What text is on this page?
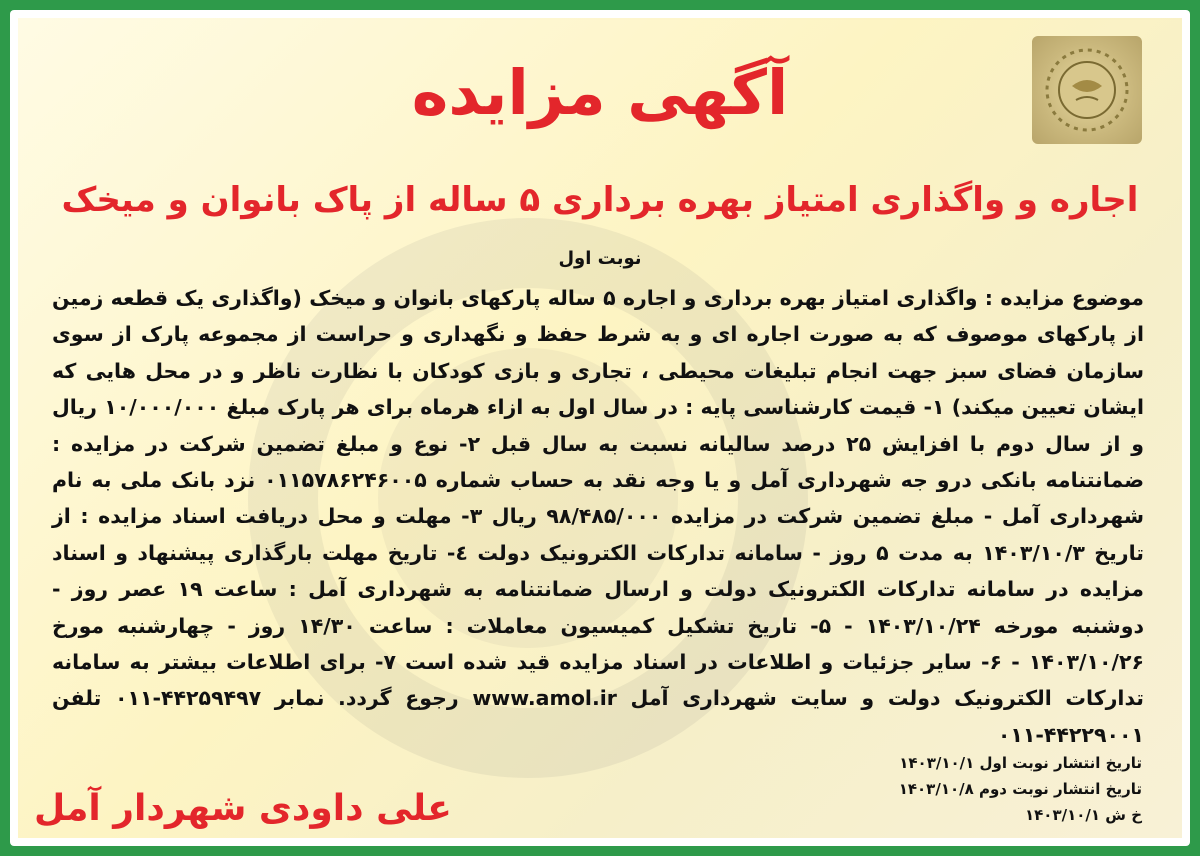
آگهی مزایده
اجاره و واگذاری امتیاز بهره برداری ۵ ساله از پاک بانوان و میخک
نوبت اول
موضوع مزایده : واگذاری امتیاز بهره برداری و اجاره ۵ ساله پارکهای بانوان و میخک (واگذاری یک قطعه زمین از پارکهای موصوف که به صورت اجاره ای و به شرط حفظ و نگهداری و حراست از مجموعه پارک از سوی سازمان فضای سبز جهت انجام تبلیغات محیطی ، تجاری و بازی کودکان با نظارت ناظر و در محل هایی که ایشان تعیین میکند) ۱- قیمت کارشناسی پایه : در سال اول به ازاء هرماه برای هر پارک مبلغ ۱۰/۰۰۰/۰۰۰ ریال و از سال دوم با افزایش ۲۵ درصد سالیانه نسبت به سال قبل ۲- نوع و مبلغ تضمین شرکت در مزایده : ضمانتنامه بانکی درو جه شهرداری آمل و یا وجه نقد به حساب شماره ۰۱۱۵۷۸۶۲۴۶۰۰۵ نزد بانک ملی به نام شهرداری آمل - مبلغ تضمین شرکت در مزایده ۹۸/۴۸۵/۰۰۰ ریال ۳- مهلت و محل دریافت اسناد مزایده : از تاریخ ۱۴۰۳/۱۰/۳ به مدت ۵ روز - سامانه تدارکات الکترونیک دولت ٤- تاریخ مهلت بارگذاری پیشنهاد و اسناد مزایده در سامانه تدارکات الکترونیک دولت و ارسال ضمانتنامه به شهرداری آمل : ساعت ۱۹ عصر روز - دوشنبه مورخه ۱۴۰۳/۱۰/۲۴ - ۵- تاریخ تشکیل کمیسیون معاملات : ساعت ۱۴/۳۰ روز - چهارشنبه مورخ ۱۴۰۳/۱۰/۲۶ - ۶- سایر جزئیات و اطلاعات در اسناد مزایده قید شده است ۷- برای اطلاعات بیشتر به سامانه تدارکات الکترونیک دولت و سایت شهرداری آمل www.amol.ir رجوع گردد. نمابر ۴۴۲۵۹۴۹۷-۰۱۱ تلفن ۴۴۲۲۹۰۰۱-۰۱۱
تاریخ انتشار نوبت اول ۱۴۰۳/۱۰/۱
تاریخ انتشار نوبت دوم ۱۴۰۳/۱۰/۸
خ ش ۱۴۰۳/۱۰/۱
علی داودی شهردار آمل
